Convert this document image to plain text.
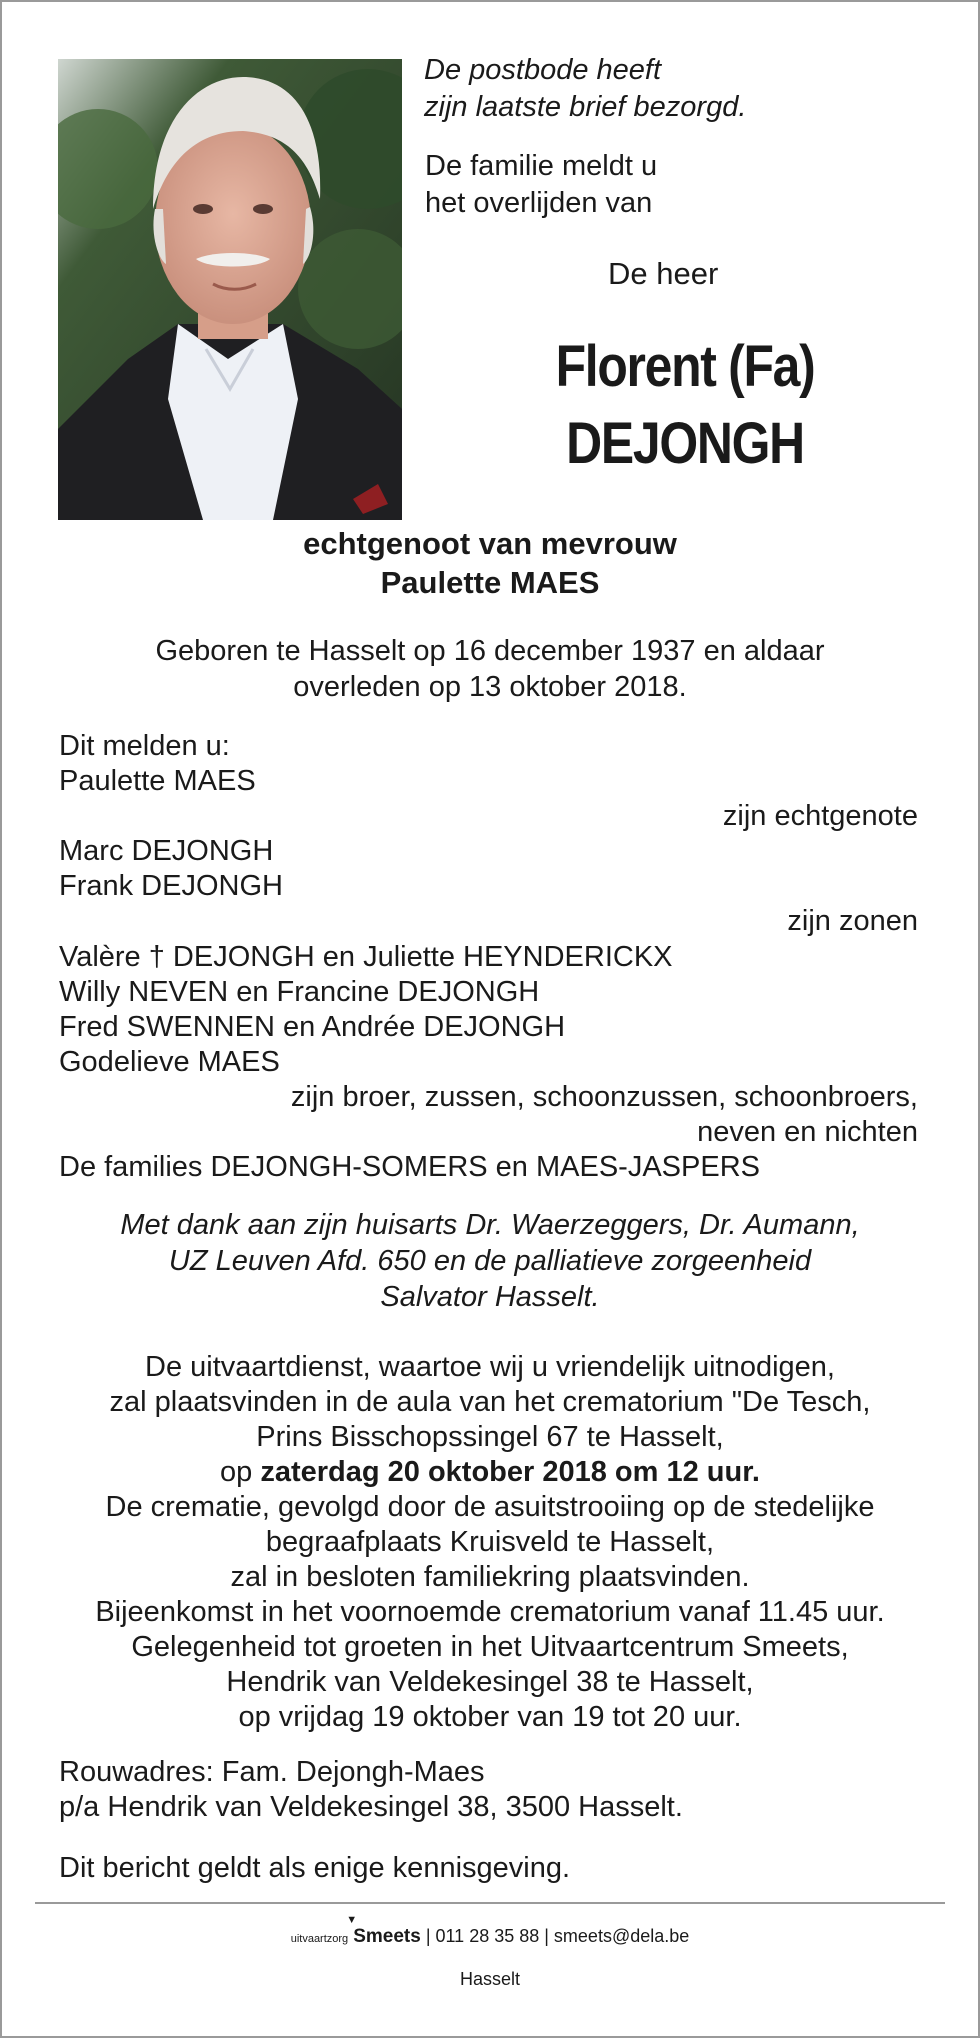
De postbode heeft
zijn laatste brief bezorgd.
De familie meldt u
het overlijden van
De heer
Florent (Fa)
DEJONGH
echtgenoot van mevrouw
Paulette MAES
Geboren te Hasselt op 16 december 1937 en aldaar
overleden op 13 oktober 2018.
Dit melden u:
Paulette MAES
zijn echtgenote
Marc DEJONGH
Frank DEJONGH
zijn zonen
Valère † DEJONGH en Juliette HEYNDERICKX
Willy NEVEN en Francine DEJONGH
Fred SWENNEN en Andrée DEJONGH
Godelieve MAES
zijn broer, zussen, schoonzussen, schoonbroers,
neven en nichten
De families DEJONGH-SOMERS en MAES-JASPERS
Met dank aan zijn huisarts Dr. Waerzeggers, Dr. Aumann,
UZ Leuven Afd. 650 en de palliatieve zorgeenheid
Salvator Hasselt.
De uitvaartdienst, waartoe wij u vriendelijk uitnodigen,
zal plaatsvinden in de aula van het crematorium "De Tesch,
Prins Bisschopssingel 67 te Hasselt,
op zaterdag 20 oktober 2018 om 12 uur.
De crematie, gevolgd door de asuitstrooiing op de stedelijke
begraafplaats Kruisveld te Hasselt,
zal in besloten familiekring plaatsvinden.
Bijeenkomst in het voornoemde crematorium vanaf 11.45 uur.
Gelegenheid tot groeten in het Uitvaartcentrum Smeets,
Hendrik van Veldekesingel 38 te Hasselt,
op vrijdag 19 oktober van 19 tot 20 uur.
Rouwadres: Fam. Dejongh-Maes
p/a Hendrik van Veldekesingel 38, 3500 Hasselt.
Dit bericht geldt als enige kennisgeving.
uitvaartzorg
▼
Smeets | 011 28 35 88 | smeets@dela.be
Hasselt
